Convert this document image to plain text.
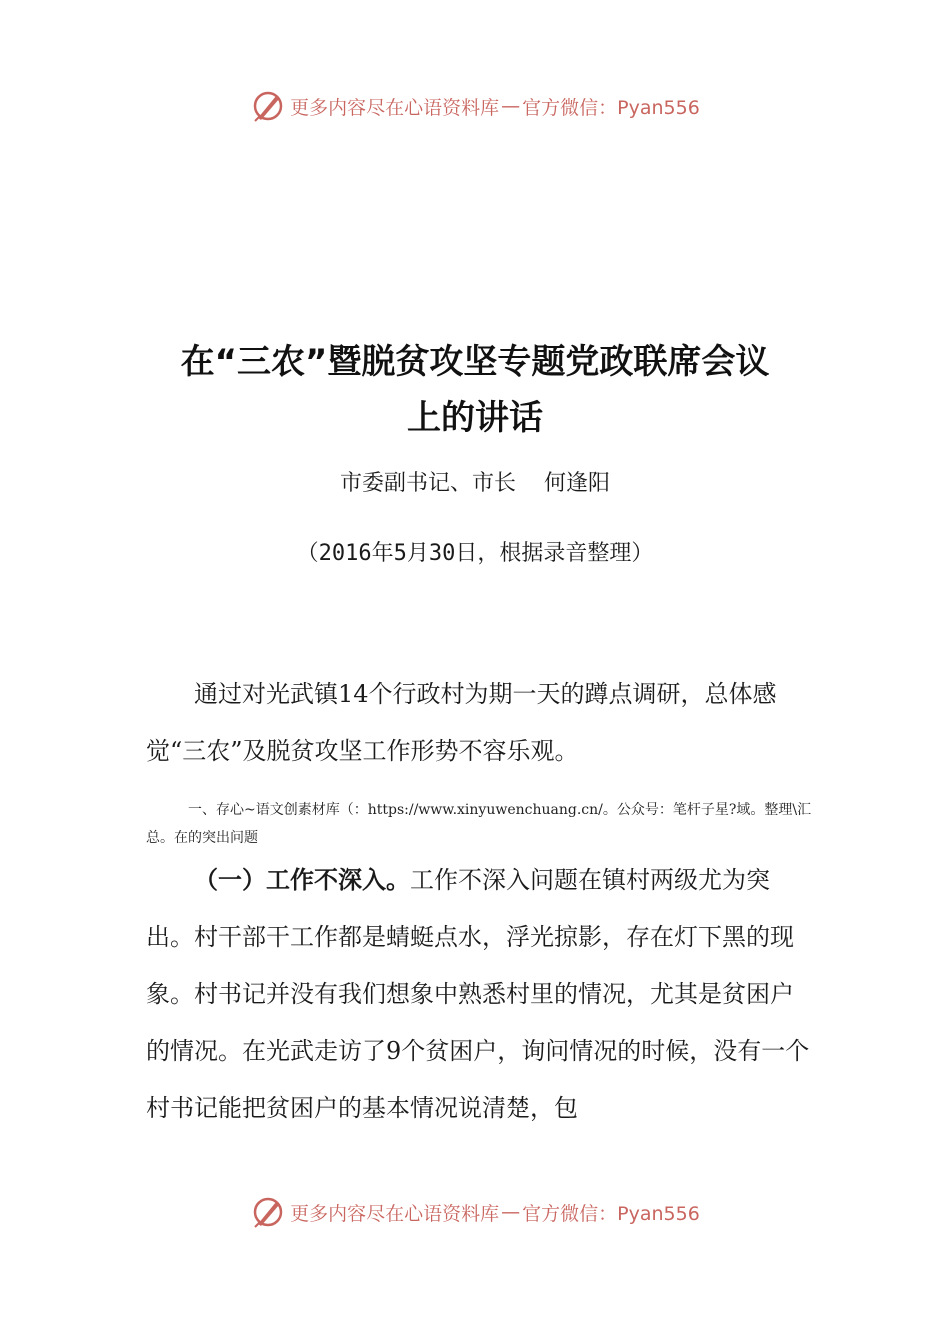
更多内容尽在心语资料库 — 官方微信：Pyan556
在“三农”暨脱贫攻坚专题党政联席会议
上的讲话
市委副书记、市长 何逢阳
（2016年5月30日，根据录音整理）
通过对光武镇14个行政村为期一天的蹲点调研，总体感觉“三农”及脱贫攻坚工作形势不容乐观。
一、存心~语文创素材库（：https://www.xinyuwenchuang.cn/。公众号：笔杆子星?域。整理\汇总。在的突出问题
（一）工作不深入。工作不深入问题在镇村两级尤为突出。村干部干工作都是蜻蜓点水，浮光掠影，存在灯下黑的现象。村书记并没有我们想象中熟悉村里的情况，尤其是贫困户的情况。在光武走访了9个贫困户，询问情况的时候，没有一个村书记能把贫困户的基本情况说清楚，包
更多内容尽在心语资料库 — 官方微信：Pyan556
